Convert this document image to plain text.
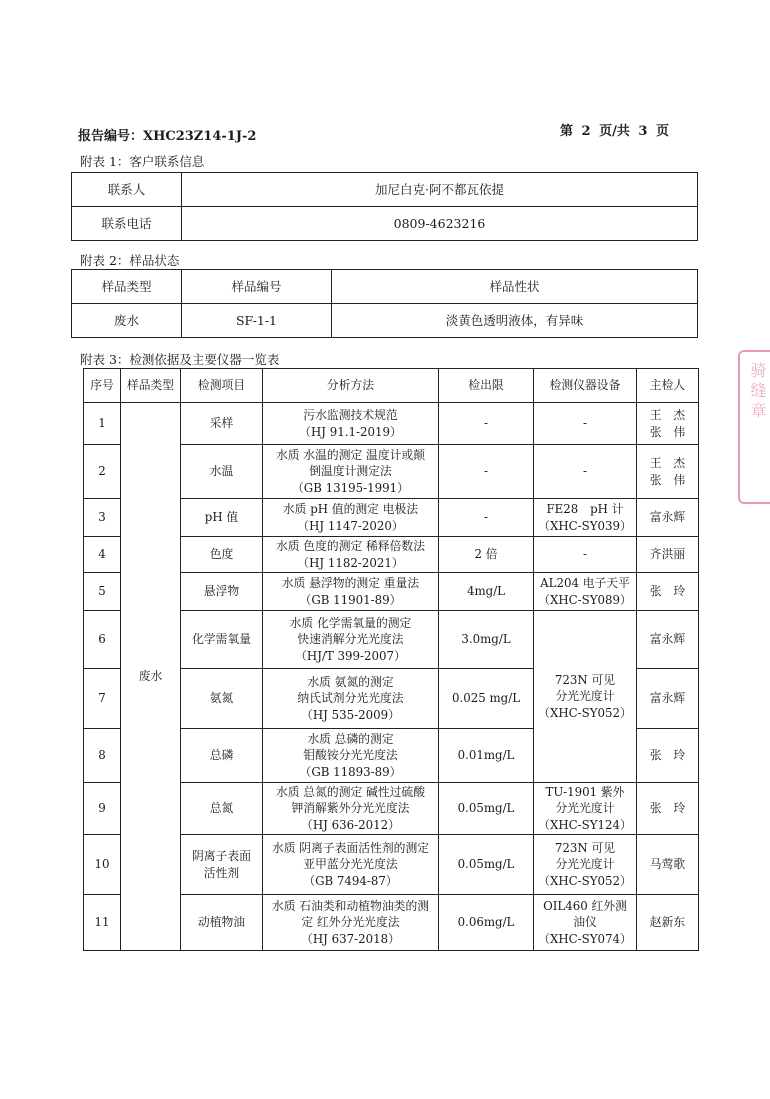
报告编号：XHC23Z14-1J-2	第 2 页/共 3 页
附表 1：客户联系信息
联系人	加尼白克·阿不都瓦依提
联系电话	0809-4623216
附表 2：样品状态
样品类型	样品编号	样品性状
废水	SF-1-1	淡黄色透明液体，有异味
附表 3：检测依据及主要仪器一览表
序号	样品类型	检测项目	分析方法	检出限	检测仪器设备	主检人
1	废水	采样	污水监测技术规范
（HJ 91.1-2019）	-	-	王　杰
张　伟
2		水温	水质 水温的测定 温度计或颠
倒温度计测定法
（GB 13195-1991）	-	-	王　杰
张　伟
3		pH 值	水质 pH 值的测定 电极法
（HJ 1147-2020）	-	FE28　pH 计
（XHC-SY039）	富永辉
4		色度	水质 色度的测定 稀释倍数法
（HJ 1182-2021）	2 倍	-	齐洪丽
5		悬浮物	水质 悬浮物的测定 重量法
（GB 11901-89）	4mg/L	AL204 电子天平
（XHC-SY089）	张　玲
6		化学需氧量	水质 化学需氧量的测定
快速消解分光光度法
（HJ/T 399-2007）	3.0mg/L	723N 可见
分光光度计
（XHC-SY052）	富永辉
7		氨氮	水质 氨氮的测定
纳氏试剂分光光度法
（HJ 535-2009）	0.025 mg/L		富永辉
8		总磷	水质 总磷的测定
钼酸铵分光光度法
（GB 11893-89）	0.01mg/L		张　玲
9		总氮	水质 总氮的测定 碱性过硫酸
钾消解紫外分光光度法
（HJ 636-2012）	0.05mg/L	TU-1901 紫外
分光光度计
（XHC-SY124）	张　玲
10		阴离子表面
活性剂	水质 阴离子表面活性剂的测定
亚甲蓝分光光度法
（GB 7494-87）	0.05mg/L	723N 可见
分光光度计
（XHC-SY052）	马莺歌
11		动植物油	水质 石油类和动植物油类的测
定 红外分光光度法
（HJ 637-2018）	0.06mg/L	OIL460 红外测
油仪
（XHC-SY074）	赵新东
骑缝章
